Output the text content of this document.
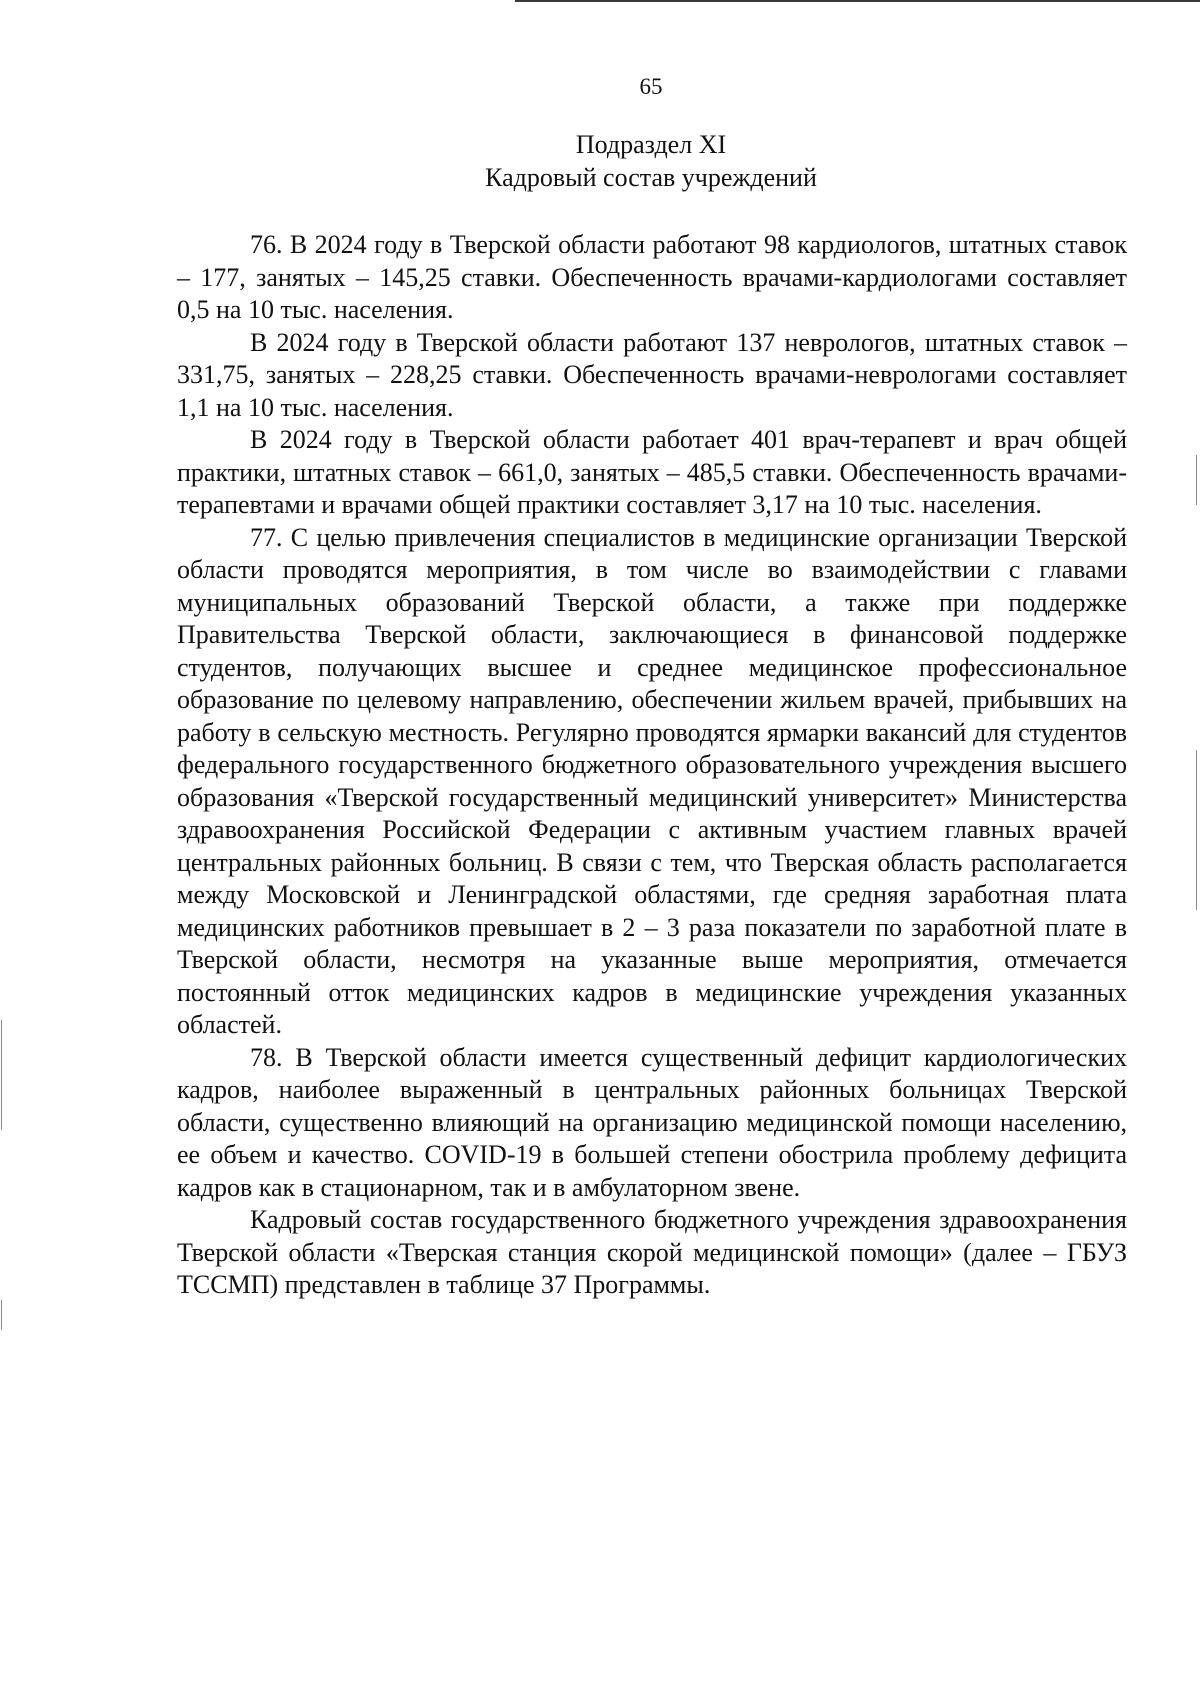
65
Подраздел XI
Кадровый состав учреждений

76. В 2024 году в Тверской области работают 98 кардиологов, штатных ставок – 177, занятых – 145,25 ставки. Обеспеченность врачами-кардиологами составляет 0,5 на 10 тыс. населения.

В 2024 году в Тверской области работают 137 неврологов, штатных ставок – 331,75, занятых – 228,25 ставки. Обеспеченность врачами-неврологами составляет 1,1 на 10 тыс. населения.

В 2024 году в Тверской области работает 401 врач-терапевт и врач общей практики, штатных ставок – 661,0, занятых – 485,5 ставки. Обеспеченность врачами-терапевтами и врачами общей практики составляет 3,17 на 10 тыс. населения.

77. С целью привлечения специалистов в медицинские организации Тверской области проводятся мероприятия, в том числе во взаимодействии с главами муниципальных образований Тверской области, а также при поддержке Правительства Тверской области, заключающиеся в финансовой поддержке студентов, получающих высшее и среднее медицинское профессиональное образование по целевому направлению, обеспечении жильем врачей, прибывших на работу в сельскую местность. Регулярно проводятся ярмарки вакансий для студентов федерального государственного бюджетного образовательного учреждения высшего образования «Тверской государственный медицинский университет» Министерства здравоохранения Российской Федерации с активным участием главных врачей центральных районных больниц. В связи с тем, что Тверская область располагается между Московской и Ленинградской областями, где средняя заработная плата медицинских работников превышает в 2 – 3 раза показатели по заработной плате в Тверской области, несмотря на указанные выше мероприятия, отмечается постоянный отток медицинских кадров в медицинские учреждения указанных областей.

78. В Тверской области имеется существенный дефицит кардиологических кадров, наиболее выраженный в центральных районных больницах Тверской области, существенно влияющий на организацию медицинской помощи населению, ее объем и качество. COVID-19 в большей степени обострила проблему дефицита кадров как в стационарном, так и в амбулаторном звене.

Кадровый состав государственного бюджетного учреждения здравоохранения Тверской области «Тверская станция скорой медицинской помощи» (далее – ГБУЗ ТССМП) представлен в таблице 37 Программы.
